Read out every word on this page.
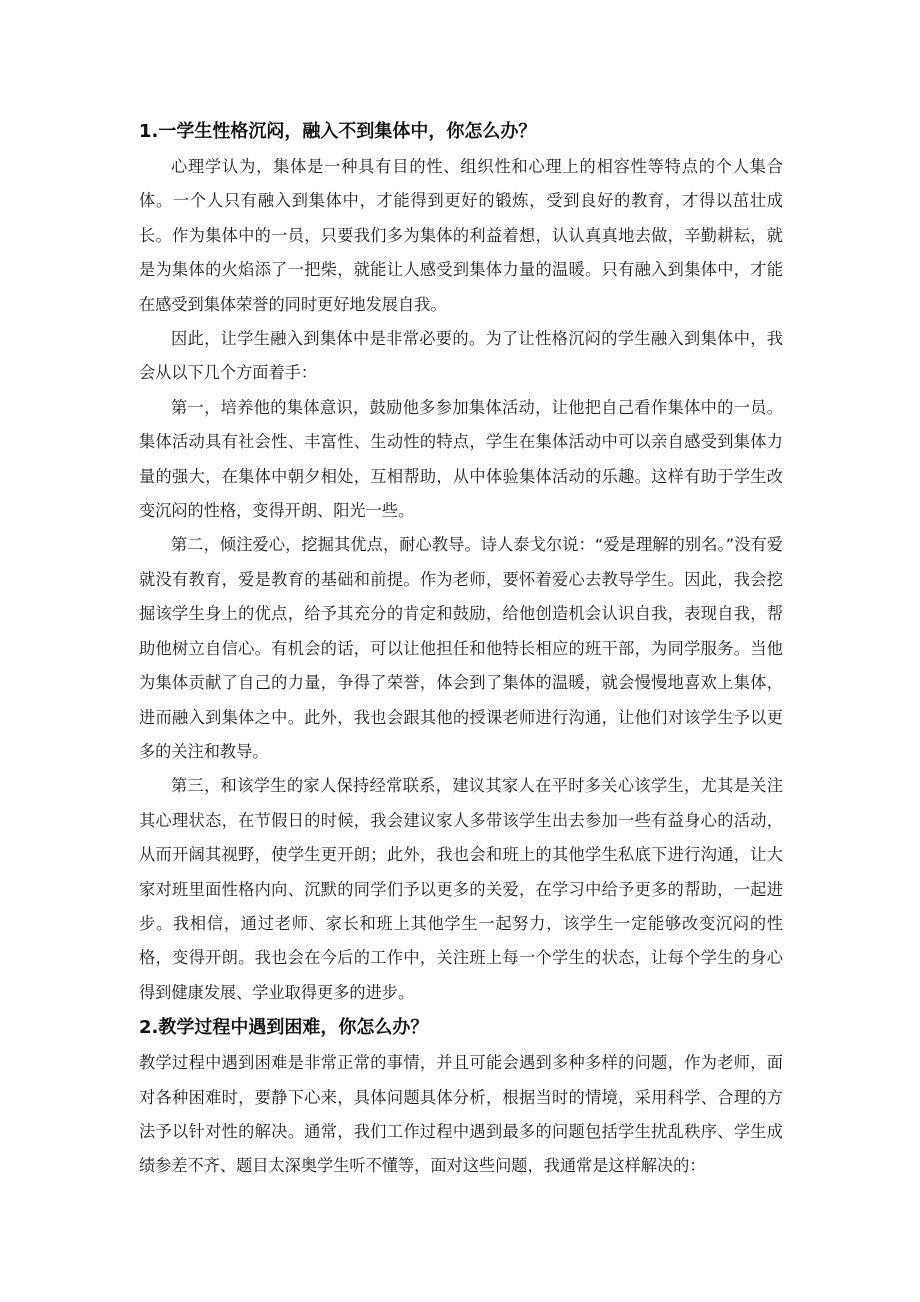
1.一学生性格沉闷，融入不到集体中，你怎么办？

心理学认为，集体是一种具有目的性、组织性和心理上的相容性等特点的个人集合体。一个人只有融入到集体中，才能得到更好的锻炼，受到良好的教育，才得以茁壮成长。作为集体中的一员，只要我们多为集体的利益着想，认认真真地去做，辛勤耕耘，就是为集体的火焰添了一把柴，就能让人感受到集体力量的温暖。只有融入到集体中，才能在感受到集体荣誉的同时更好地发展自我。

因此，让学生融入到集体中是非常必要的。为了让性格沉闷的学生融入到集体中，我会从以下几个方面着手：

第一，培养他的集体意识，鼓励他多参加集体活动，让他把自己看作集体中的一员。集体活动具有社会性、丰富性、生动性的特点，学生在集体活动中可以亲自感受到集体力量的强大，在集体中朝夕相处，互相帮助，从中体验集体活动的乐趣。这样有助于学生改变沉闷的性格，变得开朗、阳光一些。

第二，倾注爱心，挖掘其优点，耐心教导。诗人泰戈尔说：“爱是理解的别名。”没有爱就没有教育，爱是教育的基础和前提。作为老师，要怀着爱心去教导学生。因此，我会挖掘该学生身上的优点，给予其充分的肯定和鼓励，给他创造机会认识自我，表现自我，帮助他树立自信心。有机会的话，可以让他担任和他特长相应的班干部，为同学服务。当他为集体贡献了自己的力量，争得了荣誉，体会到了集体的温暖，就会慢慢地喜欢上集体，进而融入到集体之中。此外，我也会跟其他的授课老师进行沟通，让他们对该学生予以更多的关注和教导。

第三，和该学生的家人保持经常联系，建议其家人在平时多关心该学生，尤其是关注其心理状态，在节假日的时候，我会建议家人多带该学生出去参加一些有益身心的活动，从而开阔其视野，使学生更开朗；此外，我也会和班上的其他学生私底下进行沟通，让大家对班里面性格内向、沉默的同学们予以更多的关爱，在学习中给予更多的帮助，一起进步。我相信，通过老师、家长和班上其他学生一起努力，该学生一定能够改变沉闷的性格，变得开朗。我也会在今后的工作中，关注班上每一个学生的状态，让每个学生的身心得到健康发展、学业取得更多的进步。

2.教学过程中遇到困难，你怎么办？

教学过程中遇到困难是非常正常的事情，并且可能会遇到多种多样的问题，作为老师，面对各种困难时，要静下心来，具体问题具体分析，根据当时的情境，采用科学、合理的方法予以针对性的解决。通常，我们工作过程中遇到最多的问题包括学生扰乱秩序、学生成绩参差不齐、题目太深奥学生听不懂等，面对这些问题，我通常是这样解决的：
